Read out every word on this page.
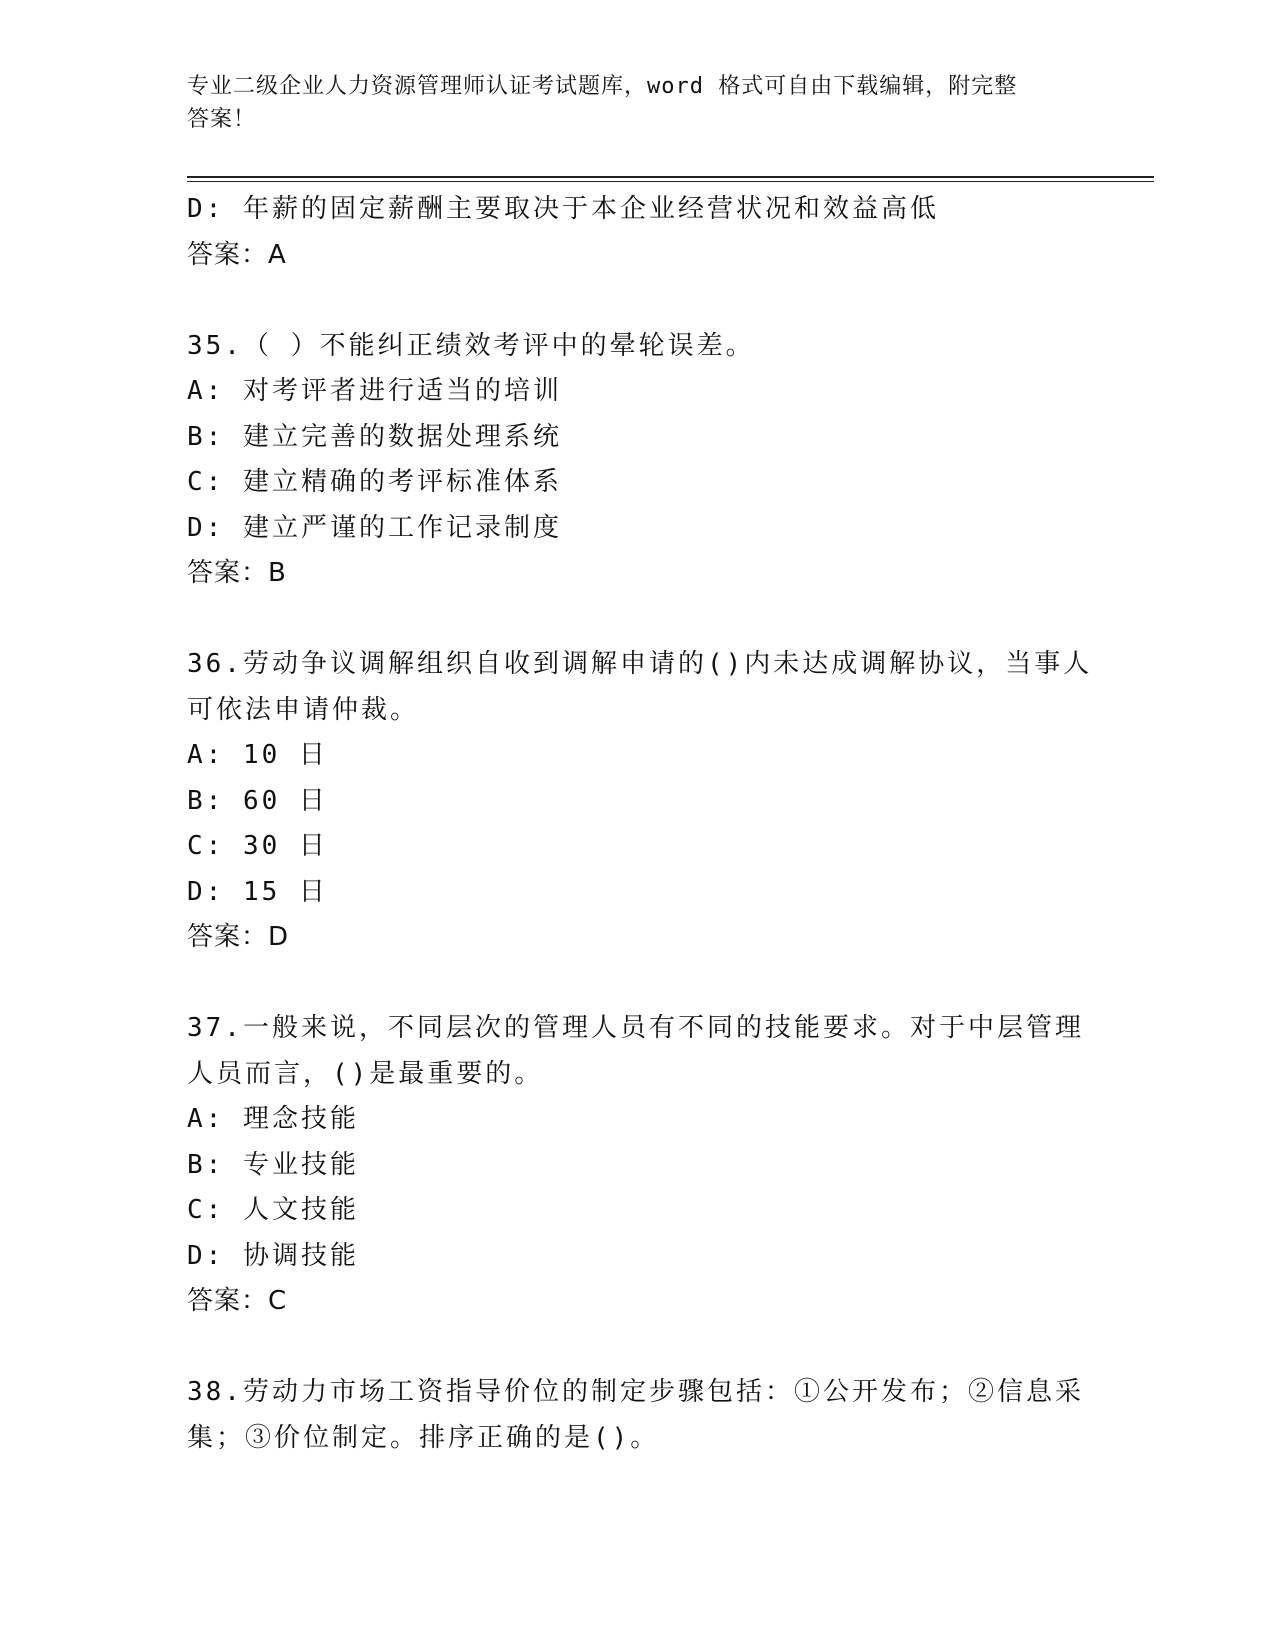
专业二级企业人力资源管理师认证考试题库，word 格式可自由下载编辑，附完整
答案！
D: 年薪的固定薪酬主要取决于本企业经营状况和效益高低
答案：A
35.（ ）不能纠正绩效考评中的晕轮误差。
A: 对考评者进行适当的培训
B: 建立完善的数据处理系统
C: 建立精确的考评标准体系
D: 建立严谨的工作记录制度
答案：B
36.劳动争议调解组织自收到调解申请的()内未达成调解协议，当事人
可依法申请仲裁。
A: 10 日
B: 60 日
C: 30 日
D: 15 日
答案：D
37.一般来说，不同层次的管理人员有不同的技能要求。对于中层管理
人员而言，()是最重要的。
A: 理念技能
B: 专业技能
C: 人文技能
D: 协调技能
答案：C
38.劳动力市场工资指导价位的制定步骤包括：①公开发布；②信息采
集；③价位制定。排序正确的是()。
